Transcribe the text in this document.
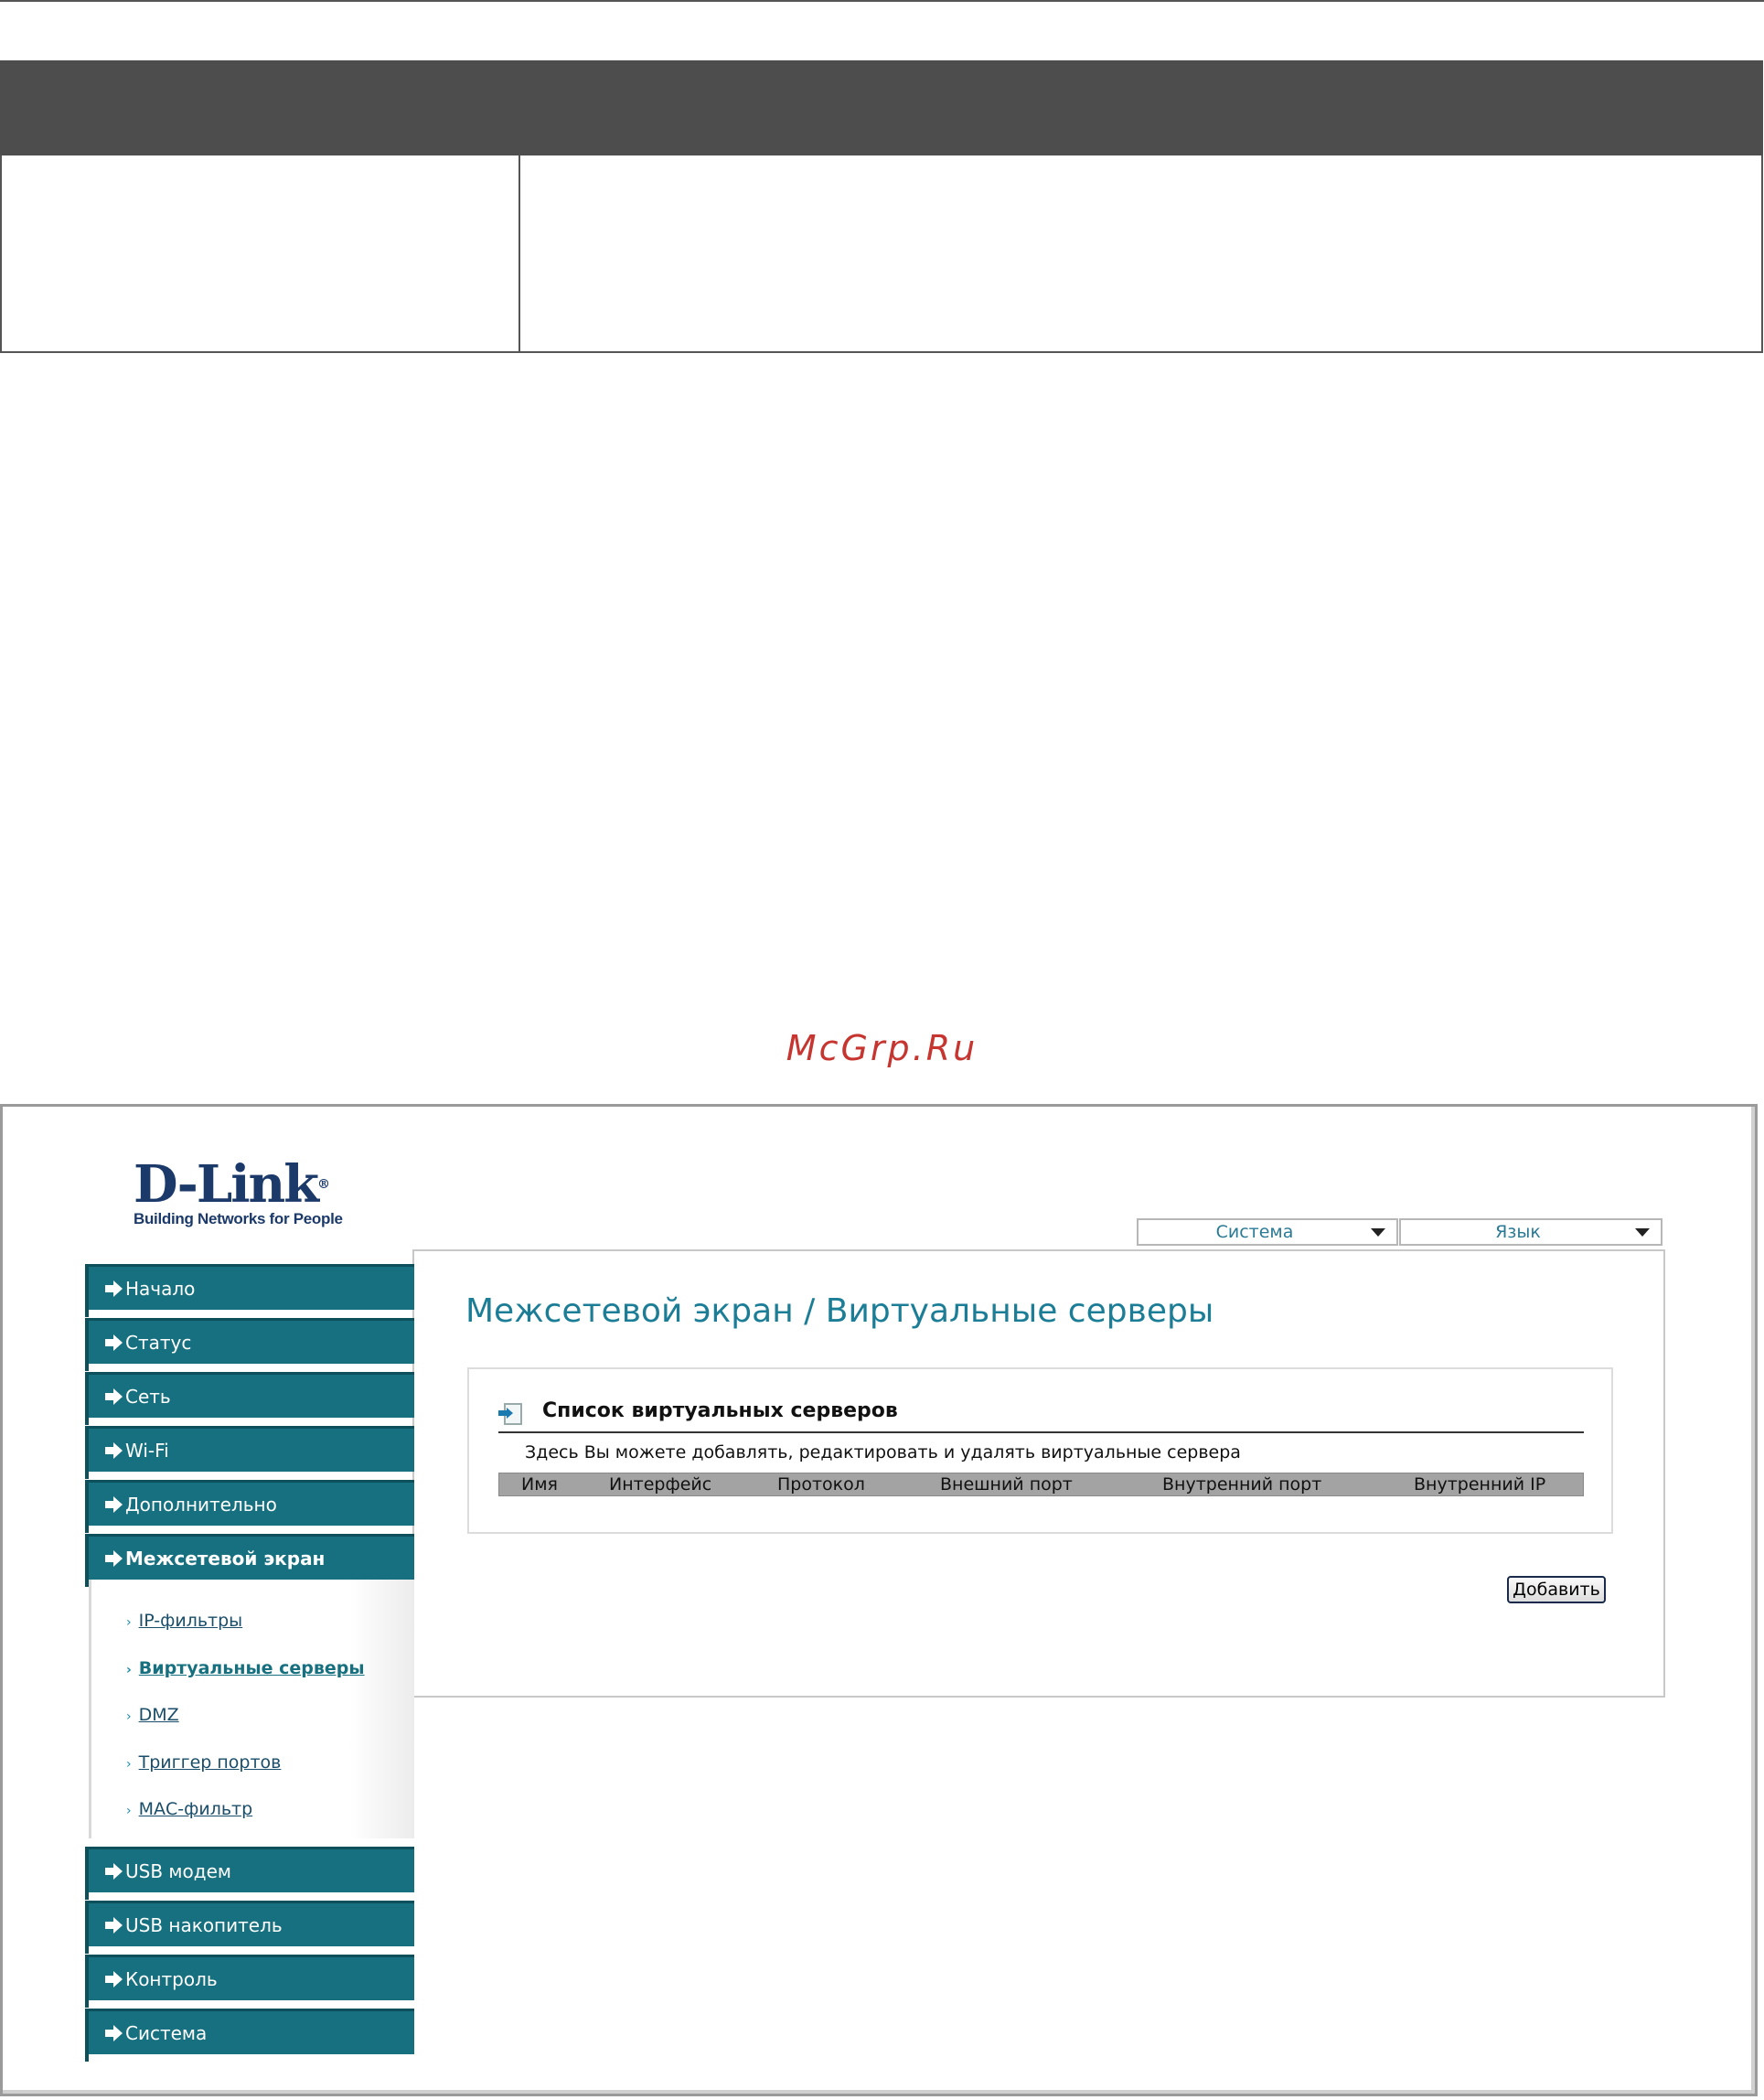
McGrp.Ru
D-Link®
Building Networks for People
Система	Язык
Начало
Статус
Сеть
Wi-Fi
Дополнительно
Межсетевой экран
› IP-фильтры
› Виртуальные серверы
› DMZ
› Триггер портов
› МАС-фильтр
USB модем
USB накопитель
Контроль
Система
Межсетевой экран / Виртуальные серверы
Список виртуальных серверов
Здесь Вы можете добавлять, редактировать и удалять виртуальные сервера
Имя	Интерфейс	Протокол	Внешний порт	Внутренний порт	Внутренний IP
Добавить
